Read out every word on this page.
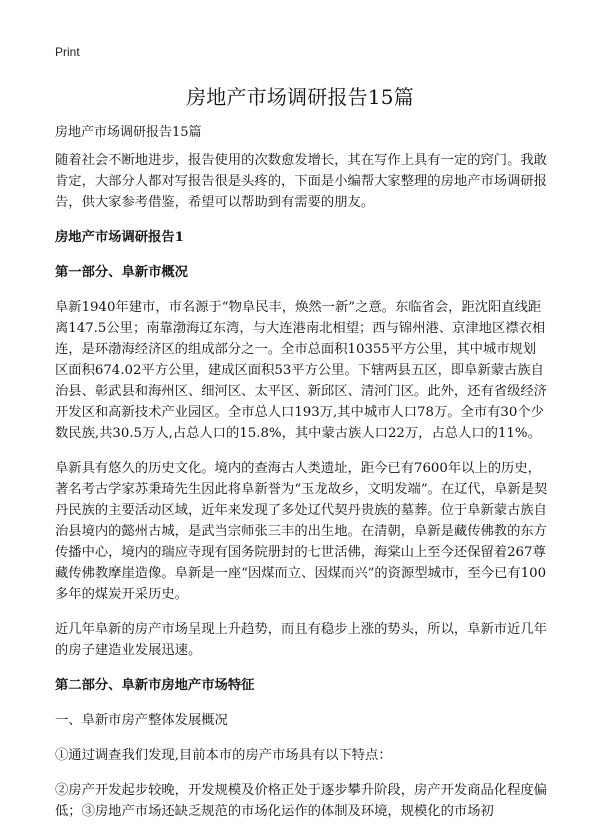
Print
房地产市场调研报告15篇
房地产市场调研报告15篇

随着社会不断地进步，报告使用的次数愈发增长，其在写作上具有一定的窍门。我敢肯定，大部分人都对写报告很是头疼的，下面是小编帮大家整理的房地产市场调研报告，供大家参考借鉴，希望可以帮助到有需要的朋友。

房地产市场调研报告1

第一部分、阜新市概况

阜新1940年建市，市名源于“物阜民丰，焕然一新”之意。东临省会，距沈阳直线距离147.5公里；南靠渤海辽东湾，与大连港南北相望；西与锦州港、京津地区襟衣相连，是环渤海经济区的组成部分之一。全市总面积10355平方公里，其中城市规划区面积674.02平方公里，建成区面积53平方公里。下辖两县五区，即阜新蒙古族自治县、彰武县和海州区、细河区、太平区、新邱区、清河门区。此外，还有省级经济开发区和高新技术产业园区。全市总人口193万,其中城市人口78万。全市有30个少数民族,共30.5万人,占总人口的15.8%，其中蒙古族人口22万，占总人口的11%。

阜新具有悠久的历史文化。境内的查海古人类遗址，距今已有7600年以上的历史，著名考古学家苏秉琦先生因此将阜新誉为“玉龙故乡，文明发端”。在辽代，阜新是契丹民族的主要活动区域，近年来发现了多处辽代契丹贵族的墓葬。位于阜新蒙古族自治县境内的懿州古城，是武当宗师张三丰的出生地。在清朝，阜新是藏传佛教的东方传播中心，境内的瑞应寺现有国务院册封的七世活佛，海棠山上至今还保留着267尊藏传佛教摩崖造像。阜新是一座“因煤而立、因煤而兴”的资源型城市，至今已有100多年的煤炭开采历史。

近几年阜新的房产市场呈现上升趋势，而且有稳步上涨的势头，所以，阜新市近几年的房子建造业发展迅速。

第二部分、阜新市房地产市场特征

一、阜新市房产整体发展概况

①通过调查我们发现,目前本市的房产市场具有以下特点：

②房产开发起步较晚，开发规模及价格正处于逐步攀升阶段，房产开发商品化程度偏低；③房地产市场还缺乏规范的市场化运作的体制及环境，规模化的市场初
